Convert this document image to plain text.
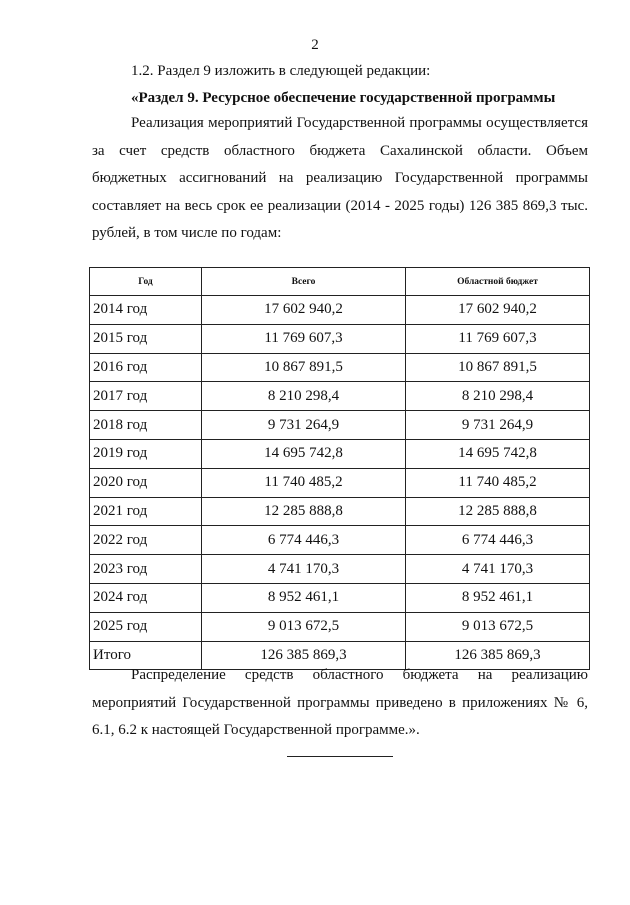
2
1.2. Раздел 9 изложить в следующей редакции:
«Раздел 9. Ресурсное обеспечение государственной программы
Реализация мероприятий Государственной программы осуществляется за счет средств областного бюджета Сахалинской области. Объем бюджетных ассигнований на реализацию Государственной программы составляет на весь срок ее реализации (2014 - 2025 годы) 126 385 869,3 тыс. рублей, в том числе по годам:
Год	Всего	Областной бюджет
2014 год	17 602 940,2	17 602 940,2
2015 год	11 769 607,3	11 769 607,3
2016 год	10 867 891,5	10 867 891,5
2017 год	8 210 298,4	8 210 298,4
2018 год	9 731 264,9	9 731 264,9
2019 год	14 695 742,8	14 695 742,8
2020 год	11 740 485,2	11 740 485,2
2021 год	12 285 888,8	12 285 888,8
2022 год	6 774 446,3	6 774 446,3
2023 год	4 741 170,3	4 741 170,3
2024 год	8 952 461,1	8 952 461,1
2025 год	9 013 672,5	9 013 672,5
Итого	126 385 869,3	126 385 869,3
Распределение средств областного бюджета на реализацию мероприятий Государственной программы приведено в приложениях № 6, 6.1, 6.2 к настоящей Государственной программе.».
